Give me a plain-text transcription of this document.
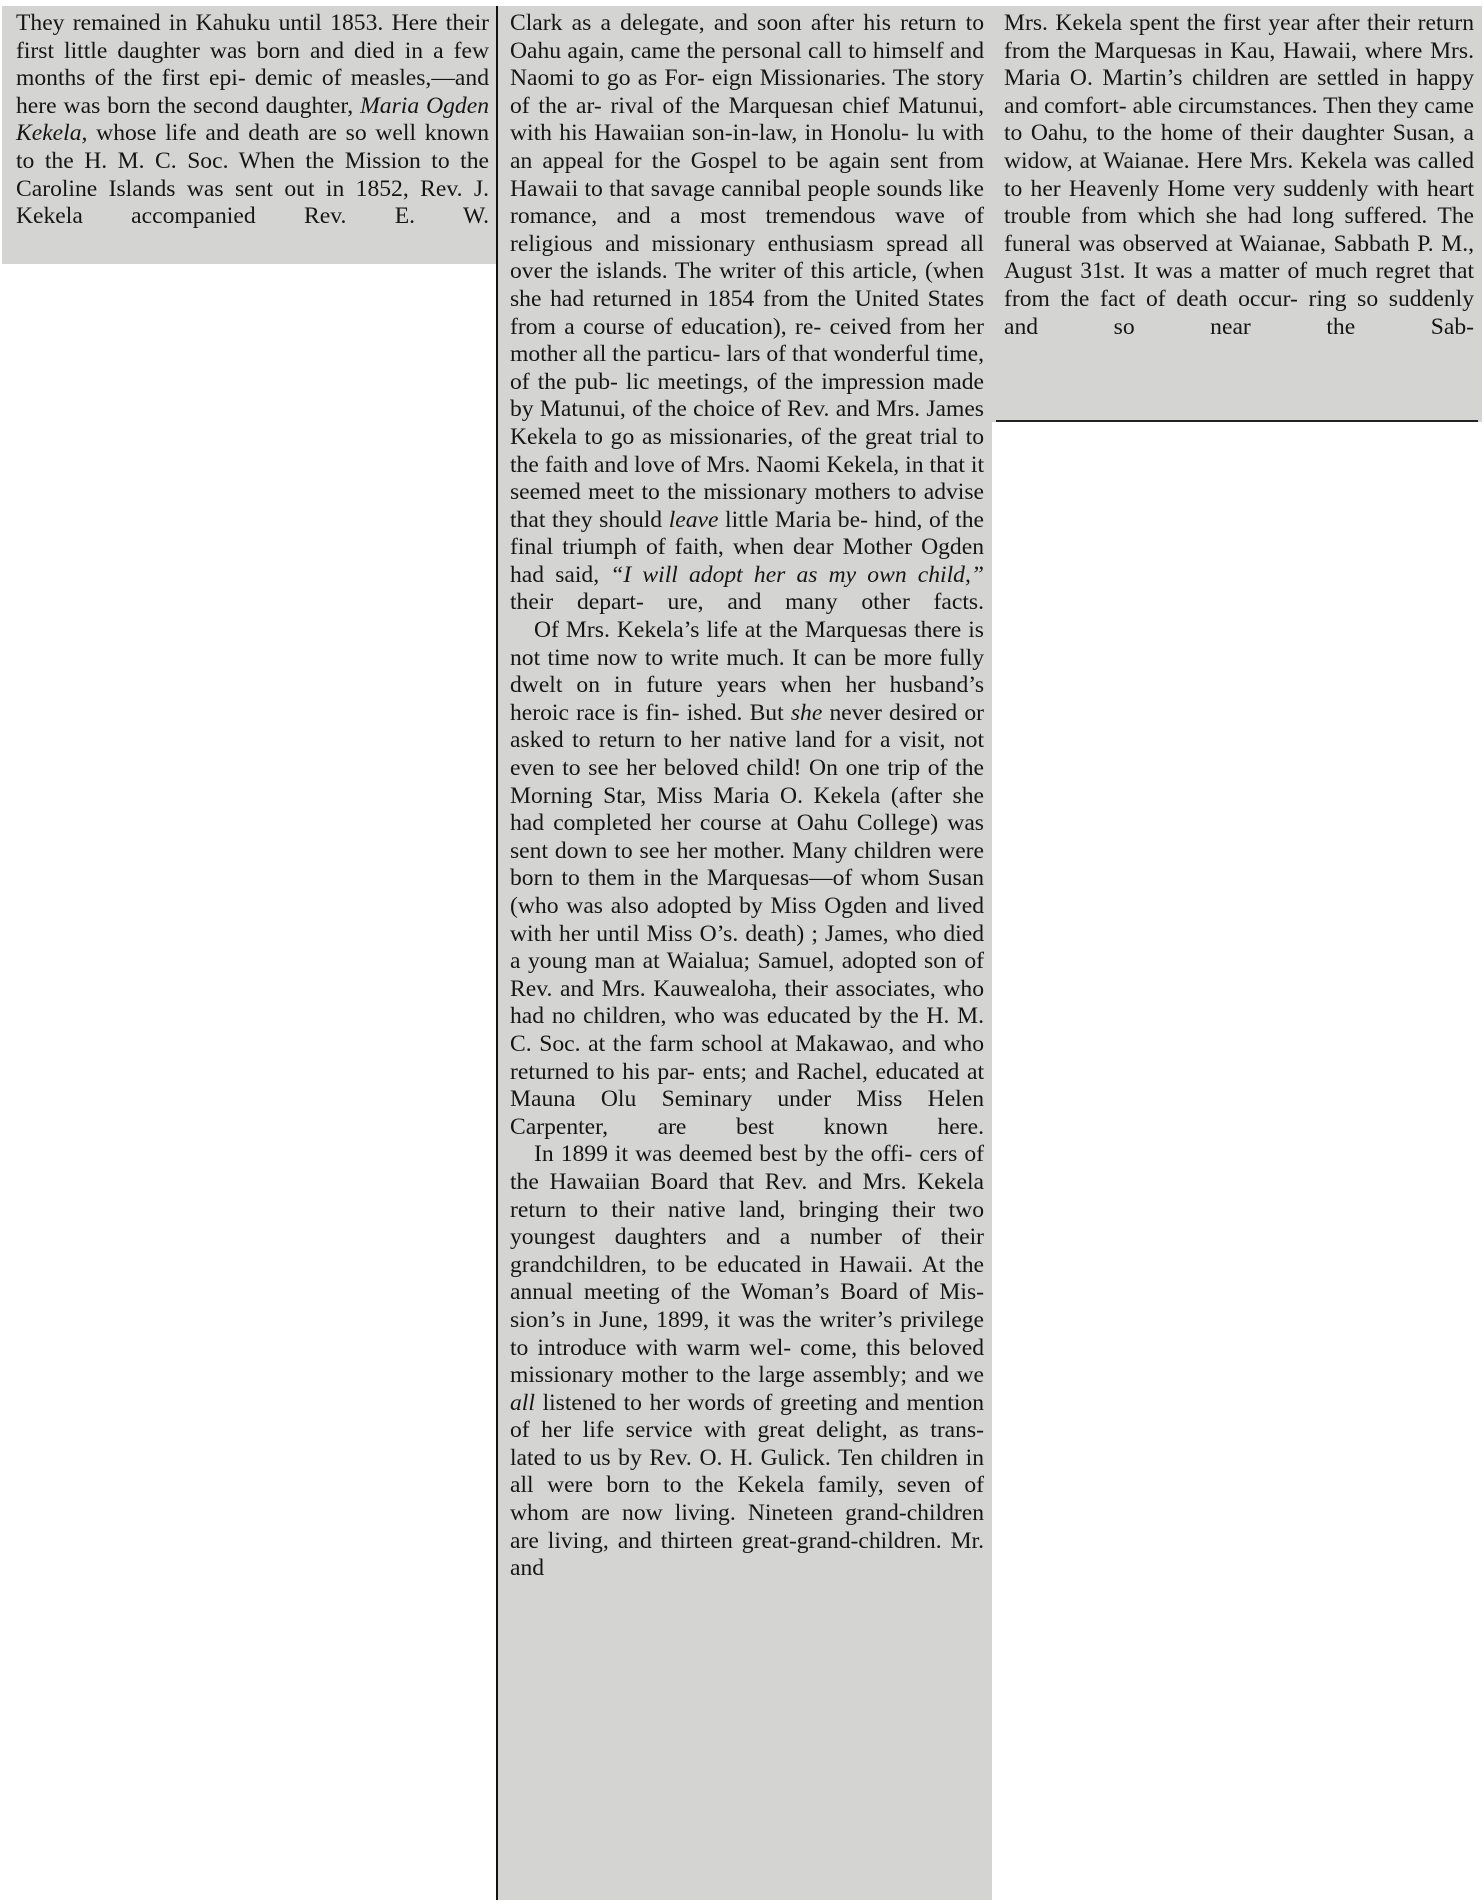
They remained in Kahuku until 1853. Here their first little daughter was born and died in a few months of the first epi- demic of measles,—and here was born the second daughter, Maria Ogden Kekela, whose life and death are so well known to the H. M. C. Soc. When the Mission to the Caroline Islands was sent out in 1852, Rev. J. Kekela accompanied Rev. E. W.
Clark as a delegate, and soon after his return to Oahu again, came the personal call to himself and Naomi to go as For- eign Missionaries. The story of the ar- rival of the Marquesan chief Matunui, with his Hawaiian son-in-law, in Honolu- lu with an appeal for the Gospel to be again sent from Hawaii to that savage cannibal people sounds like romance, and a most tremendous wave of religious and missionary enthusiasm spread all over the islands. The writer of this article, (when she had returned in 1854 from the United States from a course of education), re- ceived from her mother all the particu- lars of that wonderful time, of the pub- lic meetings, of the impression made by Matunui, of the choice of Rev. and Mrs. James Kekela to go as missionaries, of the great trial to the faith and love of Mrs. Naomi Kekela, in that it seemed meet to the missionary mothers to advise that they should leave little Maria be- hind, of the final triumph of faith, when dear Mother Ogden had said, “I will adopt her as my own child,” their depart- ure, and many other facts.
Of Mrs. Kekela’s life at the Marquesas there is not time now to write much. It can be more fully dwelt on in future years when her husband’s heroic race is fin- ished. But she never desired or asked to return to her native land for a visit, not even to see her beloved child! On one trip of the Morning Star, Miss Maria O. Kekela (after she had completed her course at Oahu College) was sent down to see her mother. Many children were born to them in the Marquesas—of whom Susan (who was also adopted by Miss Ogden and lived with her until Miss O’s. death) ; James, who died a young man at Waialua; Samuel, adopted son of Rev. and Mrs. Kauwealoha, their associates, who had no children, who was educated by the H. M. C. Soc. at the farm school at Makawao, and who returned to his par- ents; and Rachel, educated at Mauna Olu Seminary under Miss Helen Carpenter, are best known here.
In 1899 it was deemed best by the offi- cers of the Hawaiian Board that Rev. and Mrs. Kekela return to their native land, bringing their two youngest daughters and a number of their grandchildren, to be educated in Hawaii. At the annual meeting of the Woman’s Board of Mis- sion’s in June, 1899, it was the writer’s privilege to introduce with warm wel- come, this beloved missionary mother to the large assembly; and we all listened to her words of greeting and mention of her life service with great delight, as trans- lated to us by Rev. O. H. Gulick. Ten children in all were born to the Kekela family, seven of whom are now living. Nineteen grand-children are living, and thirteen great-grand-children. Mr. and
Mrs. Kekela spent the first year after their return from the Marquesas in Kau, Hawaii, where Mrs. Maria O. Martin’s children are settled in happy and comfort- able circumstances. Then they came to Oahu, to the home of their daughter Susan, a widow, at Waianae. Here Mrs. Kekela was called to her Heavenly Home very suddenly with heart trouble from which she had long suffered. The funeral was observed at Waianae, Sabbath P. M., August 31st. It was a matter of much regret that from the fact of death occur- ring so suddenly and so near the Sab-
